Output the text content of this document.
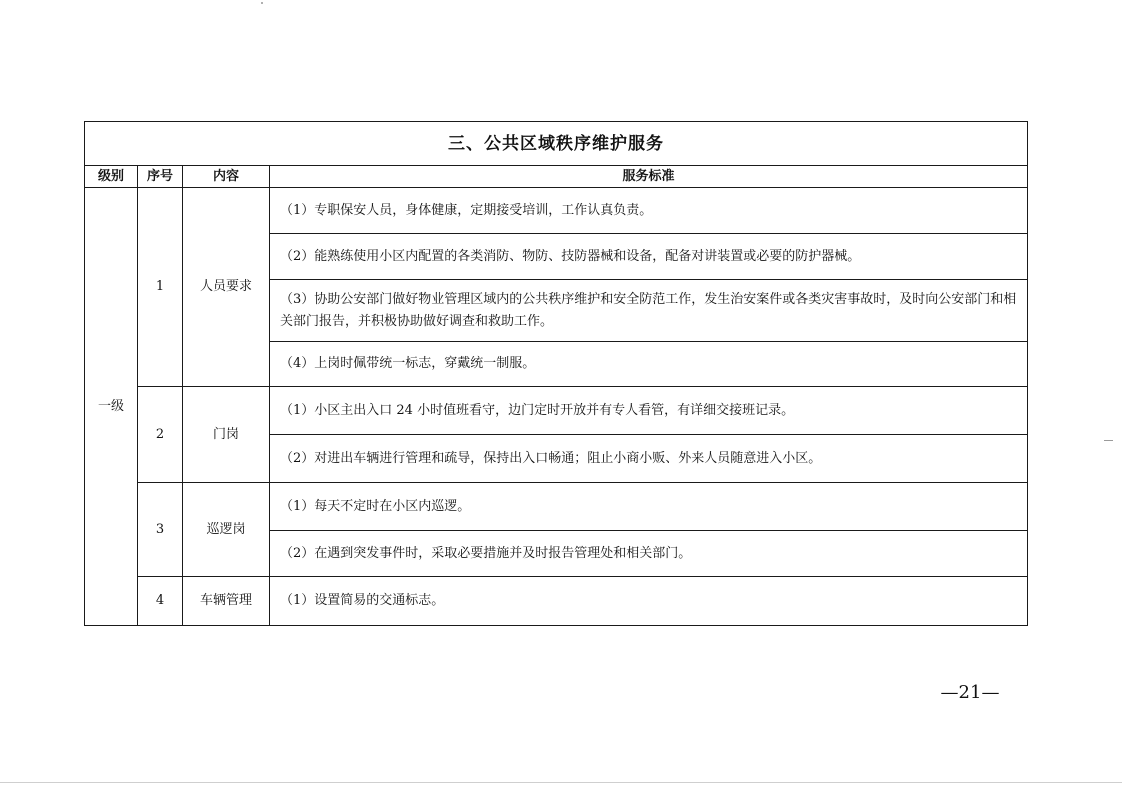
三、公共区域秩序维护服务			
级别	序号	内容	服务标准
一级	1	人员要求	（1）专职保安人员，身体健康，定期接受培训，工作认真负责。
			（2）能熟练使用小区内配置的各类消防、物防、技防器械和设备，配备对讲装置或必要的防护器械。
			（3）协助公安部门做好物业管理区域内的公共秩序维护和安全防范工作，发生治安案件或各类灾害事故时，及时向公安部门和相关部门报告，并积极协助做好调查和救助工作。
			（4）上岗时佩带统一标志，穿戴统一制服。
	2	门岗	（1）小区主出入口 24 小时值班看守，边门定时开放并有专人看管，有详细交接班记录。
			（2）对进出车辆进行管理和疏导，保持出入口畅通；阻止小商小贩、外来人员随意进入小区。
	3	巡逻岗	（1）每天不定时在小区内巡逻。
			（2）在遇到突发事件时，采取必要措施并及时报告管理处和相关部门。
	4	车辆管理	（1）设置简易的交通标志。
—21—
